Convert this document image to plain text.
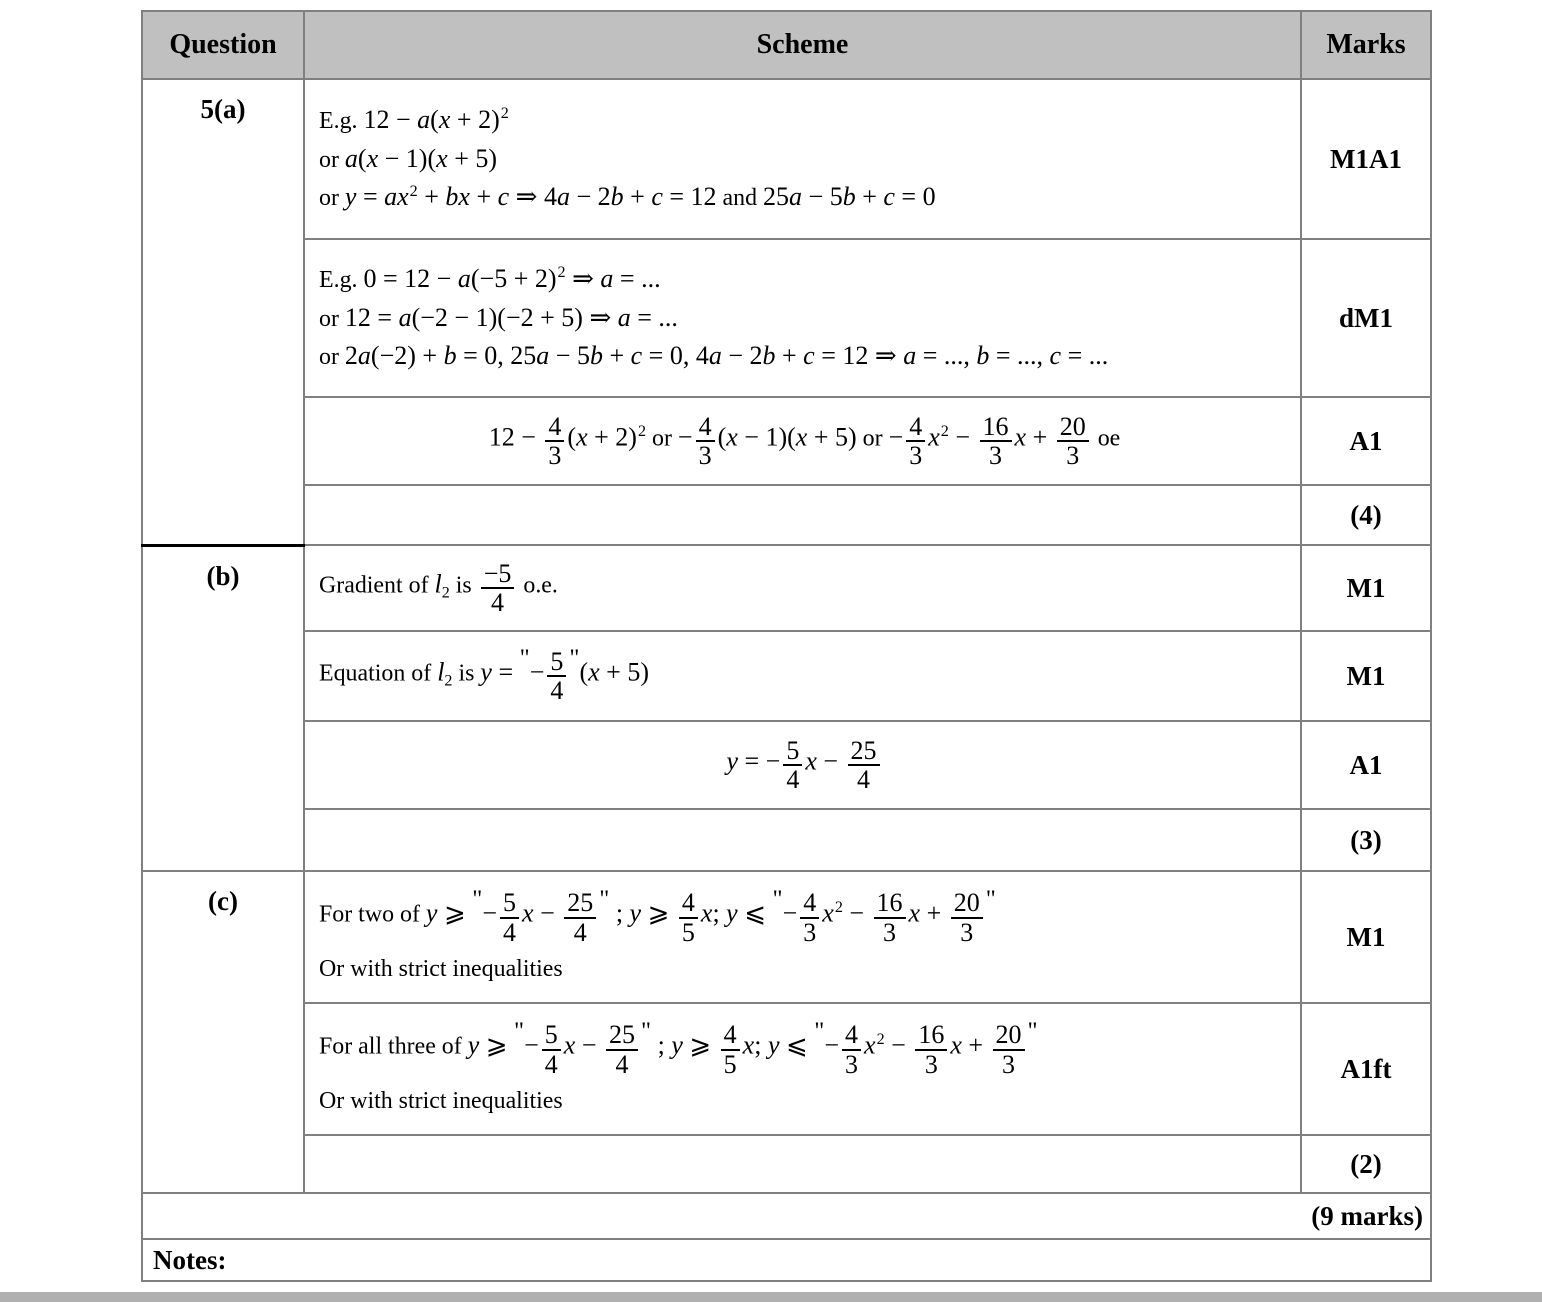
Question	Scheme	Marks
5(a)	E.g. $12 - a(x + 2)^2$
or a(x − 1)(x + 5)
or $y = ax^2$ + bx + c ⇒ 4a − 2b + c = 12 and 25a − 5b + c = 0	M1A1

	E.g. $0 = 12 - a(-5 + 2)^2$ ⇒ a = ...
or 12 = a(−2 − 1)(−2 + 5) ⇒ a = ...
or 2a(−2) + b = 0, 25a − 5b + c = 0, 4a − 2b + c = 12 ⇒ a = ..., b = ..., c = ...	dM1

$12 - \frac{4}{3} (x + 2)^2$ or − $\frac{4}{3} (x - 1)(x + 5)$ or − $\frac{4}{3} x^2 - \frac{16}{3}$ $x + \frac{20}{3}$ oe	A1
		(4)
(b)	Gradient of $l_2$ is $\frac{-5}{4} o.e$.	M1

	Equation of $l_2$ is y = "− $\frac{5}{4}$ "(x + 5)	M1

y = − $\frac{5}{4}$ $x - \frac{25}{4}$	A1
		(3)
(c)	For two of y ⩾ "− $\frac{5}{4}$ $x - \frac{25}{4}$ " ; y ⩾ $\frac{4}{5} x$; y ⩽ "− $\frac{4}{3} x^2 - \frac{16}{3}$ $x + \frac{20}{3}$ "
Or with strict inequalities
	M1

For all three of y ⩾ "− $\frac{5}{4}$ $x - \frac{25}{4}$ " ; y ⩾ $\frac{4}{5} x$; y ⩽ "− $\frac{4}{3} x^2 - \frac{16}{3}$ $x + \frac{20}{3}$ "
Or with strict inequalities
	A1ft
		(2)
(9 marks)		
Notes:		
